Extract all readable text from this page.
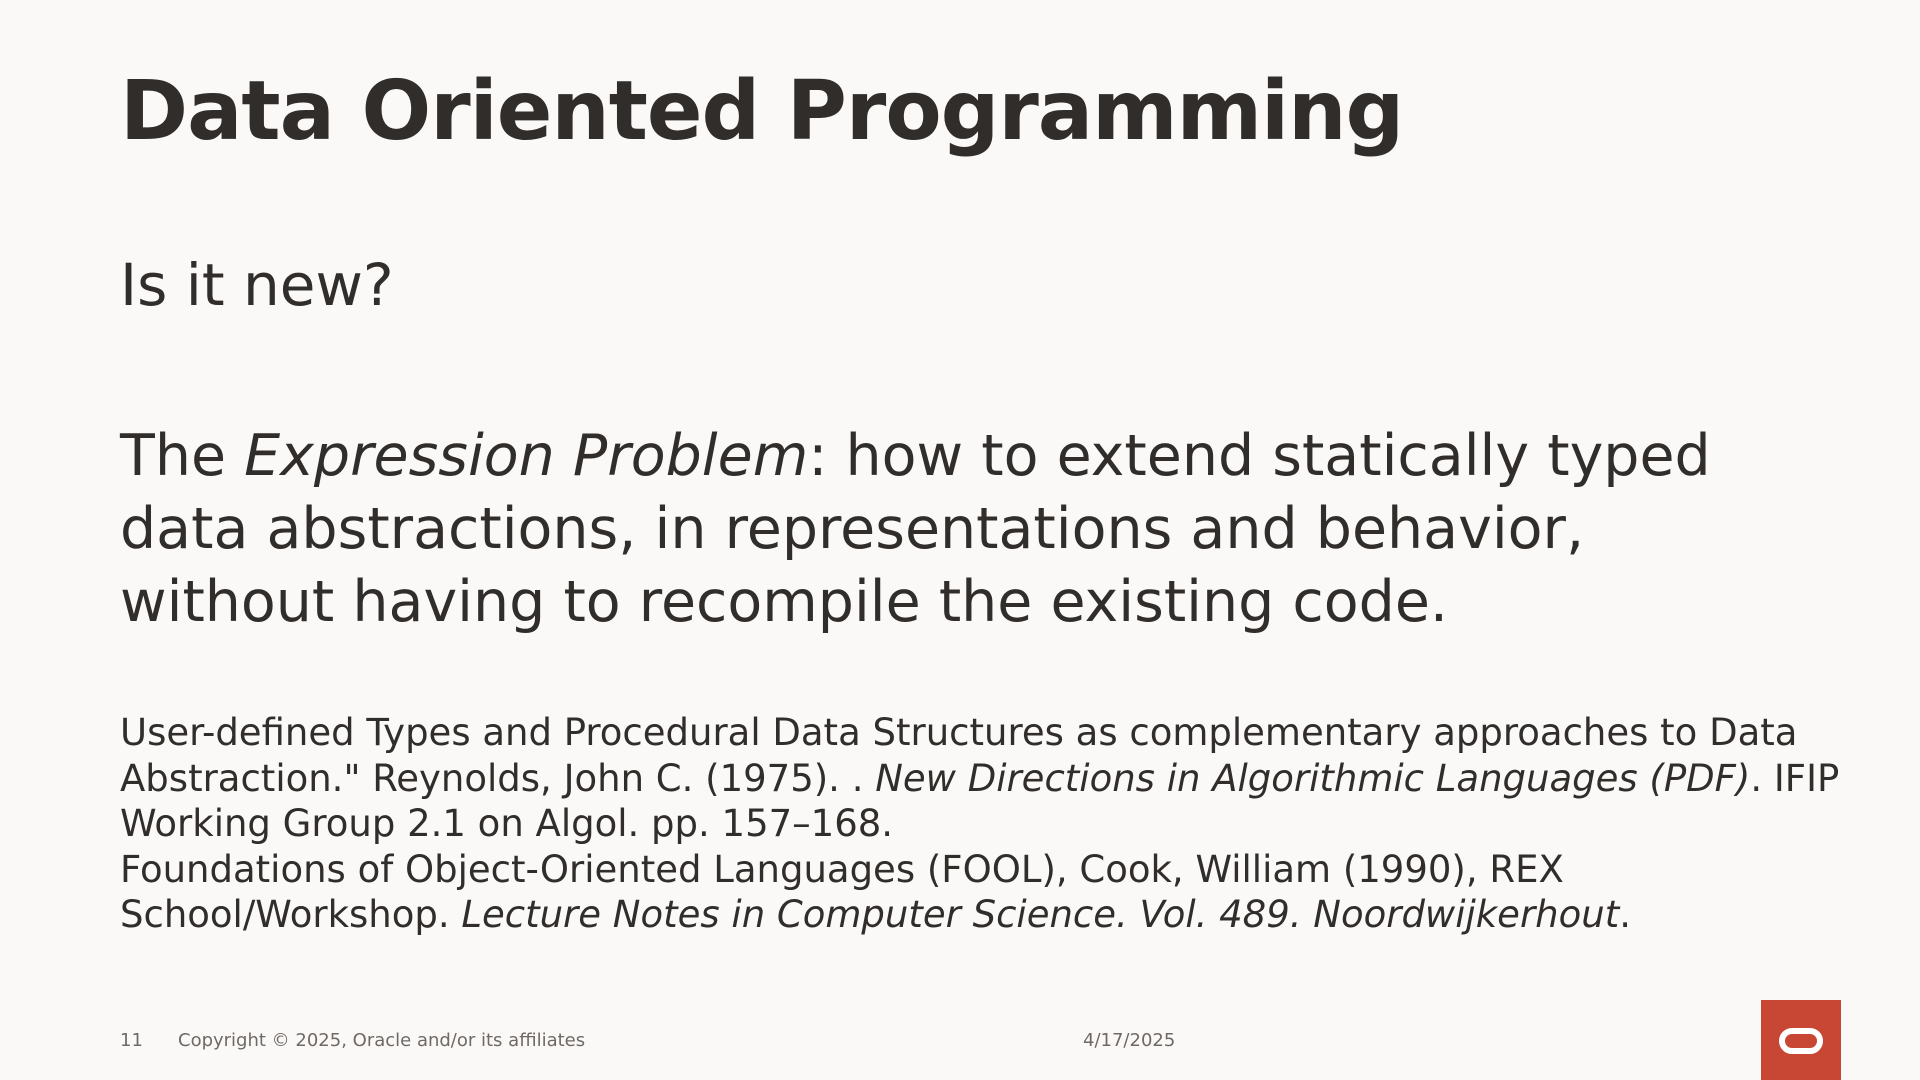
Data Oriented Programming
Is it new?

The Expression Problem: how to extend statically typed
data abstractions, in representations and behavior,
without having to recompile the existing code.

User-defined Types and Procedural Data Structures as complementary approaches to Data
Abstraction." Reynolds, John C. (1975). . New Directions in Algorithmic Languages (PDF). IFIP
Working Group 2.1 on Algol. pp. 157–168.
Foundations of Object-Oriented Languages (FOOL), Cook, William (1990), REX
School/Workshop. Lecture Notes in Computer Science. Vol. 489. Noordwijkerhout.

11 Copyright © 2025, Oracle and/or its affiliates	4/17/2025
